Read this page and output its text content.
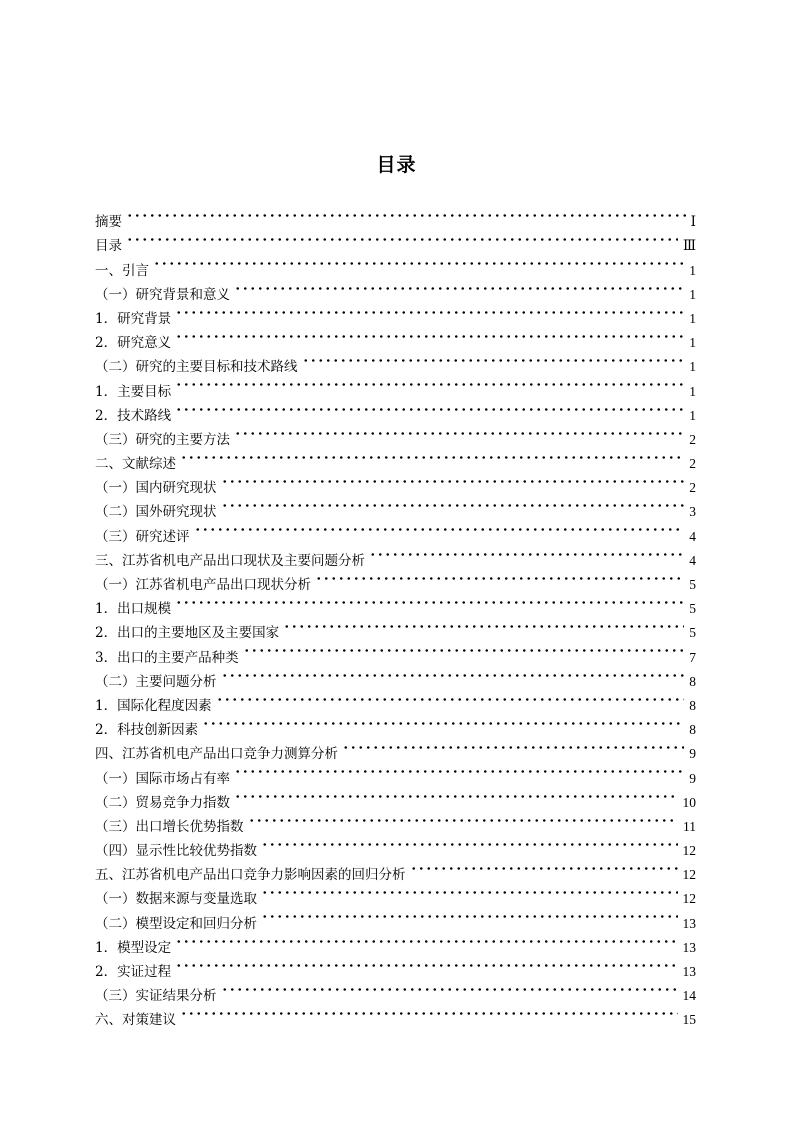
目录
摘要	Ⅰ
目录	Ⅲ
一、引言	1
（一）研究背景和意义	1
1．研究背景	1
2．研究意义	1
（二）研究的主要目标和技术路线	1
1．主要目标	1
2．技术路线	1
（三）研究的主要方法	2
二、文献综述	2
（一）国内研究现状	2
（二）国外研究现状	3
（三）研究述评	4
三、江苏省机电产品出口现状及主要问题分析	4
（一）江苏省机电产品出口现状分析	5
1．出口规模	5
2．出口的主要地区及主要国家	5
3．出口的主要产品种类	7
（二）主要问题分析	8
1．国际化程度因素	8
2．科技创新因素	8
四、江苏省机电产品出口竞争力测算分析	9
（一）国际市场占有率	9
（二）贸易竞争力指数	10
（三）出口增长优势指数	11
（四）显示性比较优势指数	12
五、江苏省机电产品出口竞争力影响因素的回归分析	12
（一）数据来源与变量选取	12
（二）模型设定和回归分析	13
1．模型设定	13
2．实证过程	13
（三）实证结果分析	14
六、对策建议	15
